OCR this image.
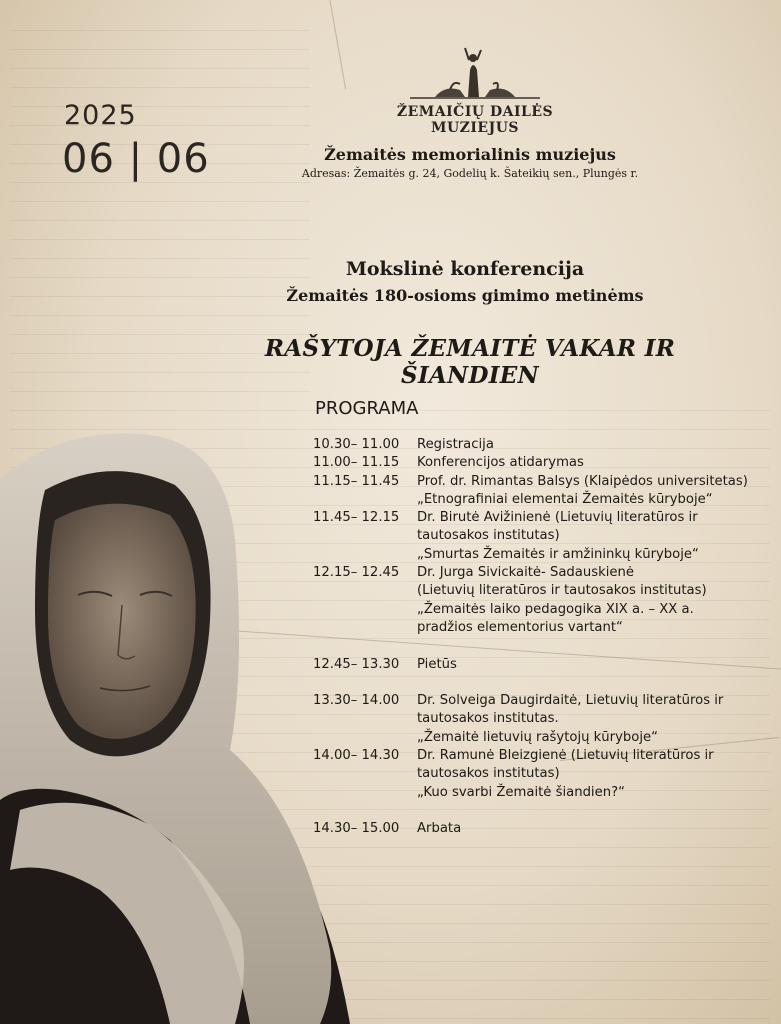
2025
06 | 06
ŽEMAIČIŲ DAILĖS MUZIEJUS
Žemaitės memorialinis muziejus
Adresas: Žemaitės g. 24, Godelių k. Šateikių sen., Plungės r.
Mokslinė konferencija
Žemaitės 180-osioms gimimo metinėms
RAŠYTOJA ŽEMAITĖ VAKAR IR ŠIANDIEN
PROGRAMA
10.30– 11.00	Registracija
11.00– 11.15	Konferencijos atidarymas
11.15– 11.45	Prof. dr. Rimantas Balsys (Klaipėdos universitetas)
„Etnografiniai elementai Žemaitės kūryboje“
11.45– 12.15	Dr. Birutė Avižinienė (Lietuvių literatūros ir
tautosakos institutas)
„Smurtas Žemaitės ir amžininkų kūryboje“
12.15– 12.45	Dr. Jurga Sivickaitė- Sadauskienė
(Lietuvių literatūros ir tautosakos institutas)
„Žemaitės laiko pedagogika XIX a. – XX a.
pradžios elementorius vartant“
12.45– 13.30	Pietūs
13.30– 14.00	Dr. Solveiga Daugirdaitė, Lietuvių literatūros ir
tautosakos institutas.
„Žemaitė lietuvių rašytojų kūryboje“
14.00– 14.30	Dr. Ramunė Bleizgienė (Lietuvių literatūros ir
tautosakos institutas)
„Kuo svarbi Žemaitė šiandien?“
14.30– 15.00	Arbata
